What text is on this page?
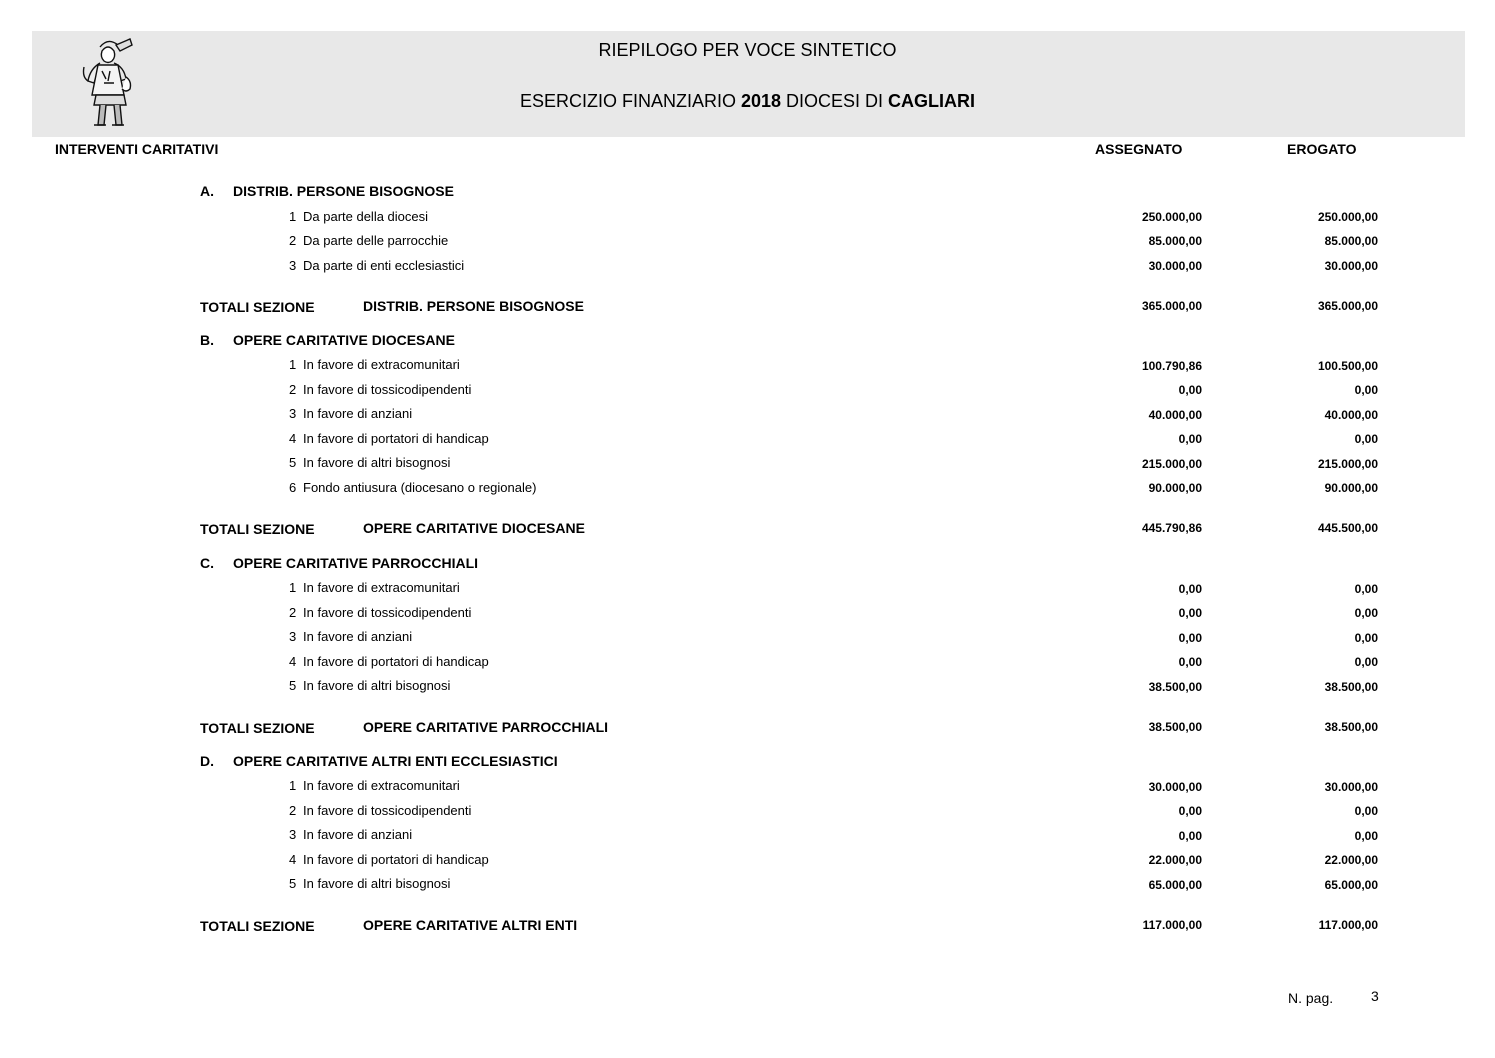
RIEPILOGO PER VOCE SINTETICO
ESERCIZIO FINANZIARIO 2018 DIOCESI DI CAGLIARI
INTERVENTI CARITATIVI	ASSEGNATO	EROGATO
A. DISTRIB. PERSONE BISOGNOSE
1 Da parte della diocesi	250.000,00	250.000,00
2 Da parte delle parrocchie	85.000,00	85.000,00
3 Da parte di enti ecclesiastici	30.000,00	30.000,00
TOTALI SEZIONE	DISTRIB. PERSONE BISOGNOSE	365.000,00	365.000,00
B. OPERE CARITATIVE DIOCESANE
1 In favore di extracomunitari	100.790,86	100.500,00
2 In favore di tossicodipendenti	0,00	0,00
3 In favore di anziani	40.000,00	40.000,00
4 In favore di portatori di handicap	0,00	0,00
5 In favore di altri bisognosi	215.000,00	215.000,00
6 Fondo antiusura (diocesano o regionale)	90.000,00	90.000,00
TOTALI SEZIONE	OPERE CARITATIVE DIOCESANE	445.790,86	445.500,00
C. OPERE CARITATIVE PARROCCHIALI
1 In favore di extracomunitari	0,00	0,00
2 In favore di tossicodipendenti	0,00	0,00
3 In favore di anziani	0,00	0,00
4 In favore di portatori di handicap	0,00	0,00
5 In favore di altri bisognosi	38.500,00	38.500,00
TOTALI SEZIONE	OPERE CARITATIVE PARROCCHIALI	38.500,00	38.500,00
D. OPERE CARITATIVE ALTRI ENTI ECCLESIASTICI
1 In favore di extracomunitari	30.000,00	30.000,00
2 In favore di tossicodipendenti	0,00	0,00
3 In favore di anziani	0,00	0,00
4 In favore di portatori di handicap	22.000,00	22.000,00
5 In favore di altri bisognosi	65.000,00	65.000,00
TOTALI SEZIONE	OPERE CARITATIVE ALTRI ENTI	117.000,00	117.000,00
N. pag.	3
